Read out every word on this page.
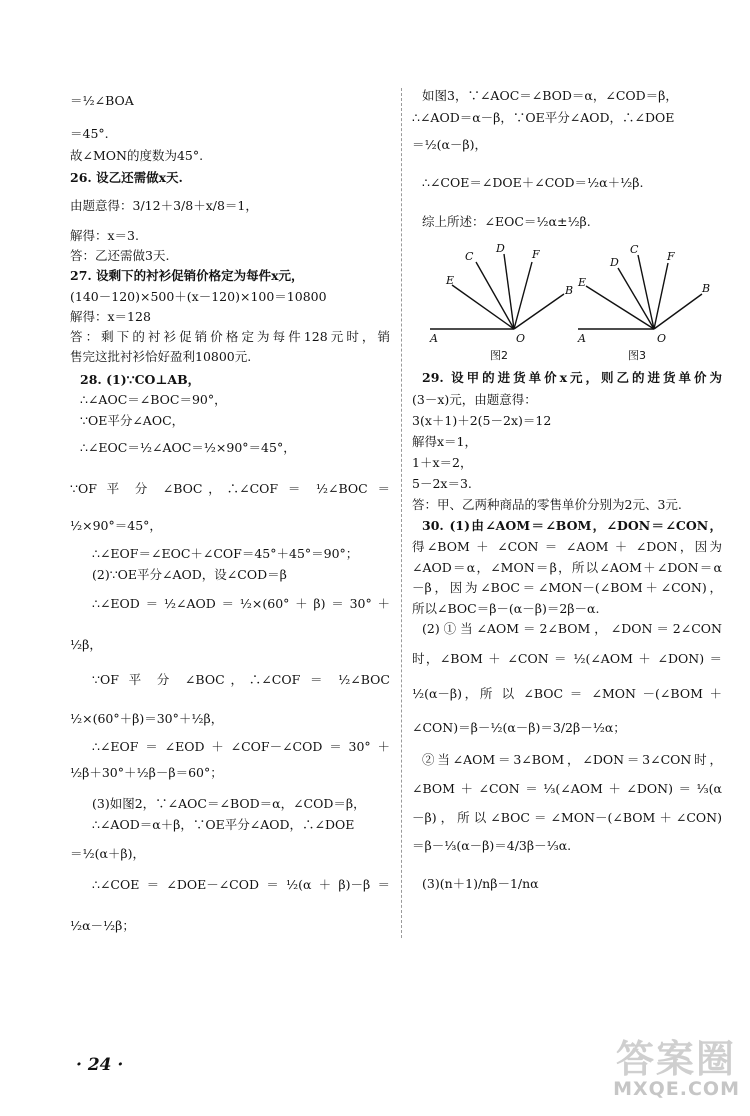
＝½∠BOA
＝45°.
故∠MON的度数为45°.
26. 设乙还需做x天.
由题意得：3/12＋3/8＋x/8＝1，
解得：x＝3.
答：乙还需做3天.
27. 设剩下的衬衫促销价格定为每件x元，
(140－120)×500＋(x－120)×100＝10800
解得：x＝128
答：剩下的衬衫促销价格定为每件128元时，销
售完这批衬衫恰好盈利10800元.
28. (1)∵CO⊥AB，
∴∠AOC＝∠BOC＝90°，
∵OE平分∠AOC，
∴∠EOC＝½∠AOC＝½×90°＝45°，
∵OF 平 分 ∠BOC，∴∠COF ＝ ½∠BOC ＝
½×90°＝45°，
∴∠EOF＝∠EOC＋∠COF＝45°＋45°＝90°；
(2)∵OE平分∠AOD，设∠COD＝β
∴∠EOD＝½∠AOD＝½×(60°＋β)＝30°＋
½β，
∵OF 平 分 ∠BOC，∴∠COF ＝ ½∠BOC
½×(60°＋β)＝30°＋½β，
∴∠EOF＝∠EOD＋∠COF－∠COD＝30°＋
½β＋30°＋½β－β＝60°；
(3)如图2，∵∠AOC＝∠BOD＝α，∠COD＝β，
∴∠AOD＝α＋β，∵OE平分∠AOD，∴∠DOE
＝½(α＋β)，
∴∠COE＝∠DOE－∠COD＝½(α＋β)－β＝
½α－½β；
如图3，∵∠AOC＝∠BOD＝α，∠COD＝β，
∴∠AOD＝α－β，∵OE平分∠AOD，∴∠DOE
＝½(α－β)，
∴∠COE＝∠DOE＋∠COD＝½α＋½β.
综上所述：∠EOC＝½α±½β.
A
E
C
D F
B
O
图2
A
E
D
C
F
B
O
图3
29. 设甲的进货单价x元，则乙的进货单价为
(3－x)元，由题意得：
3(x＋1)＋2(5－2x)＝12
解得x＝1，
1＋x＝2，
5－2x＝3.
答：甲、乙两种商品的零售单价分别为2元、3元.
30. (1)由∠AOM＝∠BOM，∠DON＝∠CON，
得∠BOM ＋ ∠CON ＝ ∠AOM ＋ ∠DON，因为
∠AOD＝α，∠MON＝β，所以∠AOM＋∠DON＝α
－β，因为∠BOC＝∠MON－(∠BOM＋∠CON)，
所以∠BOC＝β－(α－β)＝2β－α.
(2)①当∠AOM＝2∠BOM，∠DON＝2∠CON
时，∠BOM ＋ ∠CON ＝ ½(∠AOM ＋ ∠DON) ＝
½(α－β)，所 以 ∠BOC ＝ ∠MON －(∠BOM ＋
∠CON)＝β－½(α－β)＝3/2β－½α；
②当∠AOM＝3∠BOM，∠DON＝3∠CON时，
∠BOM＋∠CON＝⅓(∠AOM＋∠DON)＝⅓(α
－β)，所以∠BOC＝∠MON－(∠BOM＋∠CON)
＝β－⅓(α－β)＝4/3β－⅓α.
(3)(n＋1)/nβ－1/nα
· 24 ·	答案圈
MXQE.COM
